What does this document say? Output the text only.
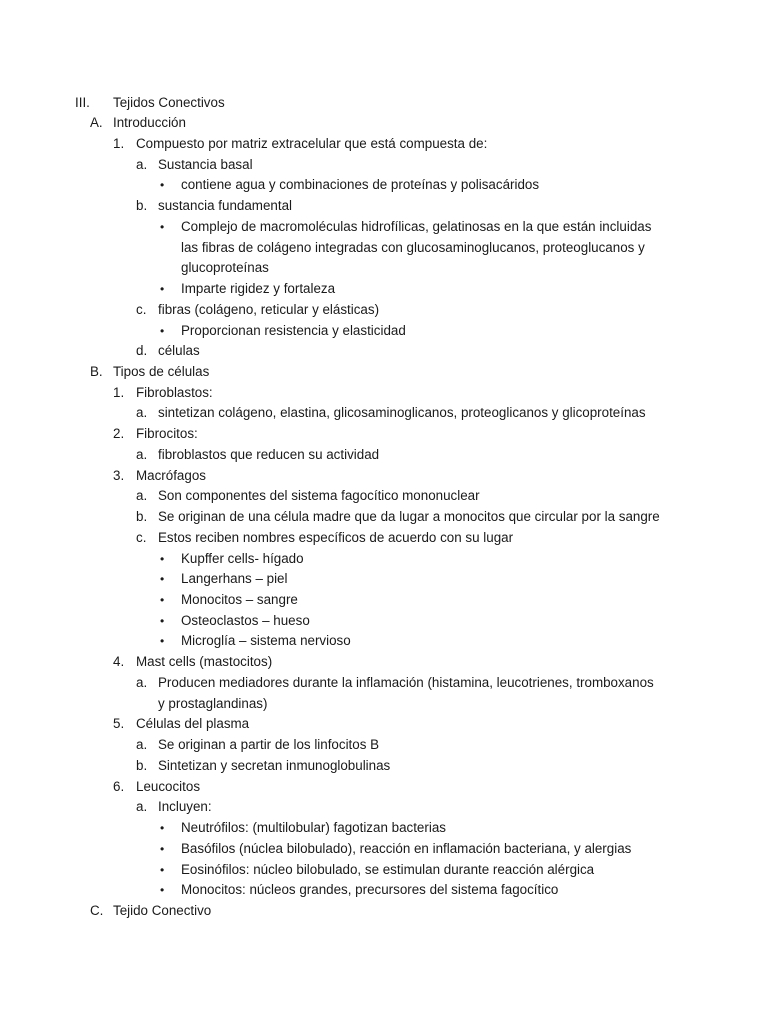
III. Tejidos Conectivos
A. Introducción
1. Compuesto por matriz extracelular que está compuesta de:
a. Sustancia basal
• contiene agua y combinaciones de proteínas y polisacáridos
b. sustancia fundamental
• Complejo de macromoléculas hidrofílicas, gelatinosas en la que están incluidas
las fibras de colágeno integradas con glucosaminoglucanos, proteoglucanos y
glucoproteínas
• Imparte rigidez y fortaleza
c. fibras (colágeno, reticular y elásticas)
• Proporcionan resistencia y elasticidad
d. células
B. Tipos de células
1. Fibroblastos:
a. sintetizan colágeno, elastina, glicosaminoglicanos, proteoglicanos y glicoproteínas
2. Fibrocitos:
a. fibroblastos que reducen su actividad
3. Macrófagos
a. Son componentes del sistema fagocítico mononuclear
b. Se originan de una célula madre que da lugar a monocitos que circular por la sangre
c. Estos reciben nombres específicos de acuerdo con su lugar
• Kupffer cells- hígado
• Langerhans – piel
• Monocitos – sangre
• Osteoclastos – hueso
• Microglía – sistema nervioso
4. Mast cells (mastocitos)
a. Producen mediadores durante la inflamación (histamina, leucotrienes, tromboxanos
y prostaglandinas)
5. Células del plasma
a. Se originan a partir de los linfocitos B
b. Sintetizan y secretan inmunoglobulinas
6. Leucocitos
a. Incluyen:
• Neutrófilos: (multilobular) fagotizan bacterias
• Basófilos (núclea bilobulado), reacción en inflamación bacteriana, y alergias
• Eosinófilos: núcleo bilobulado, se estimulan durante reacción alérgica
• Monocitos: núcleos grandes, precursores del sistema fagocítico
C. Tejido Conectivo
